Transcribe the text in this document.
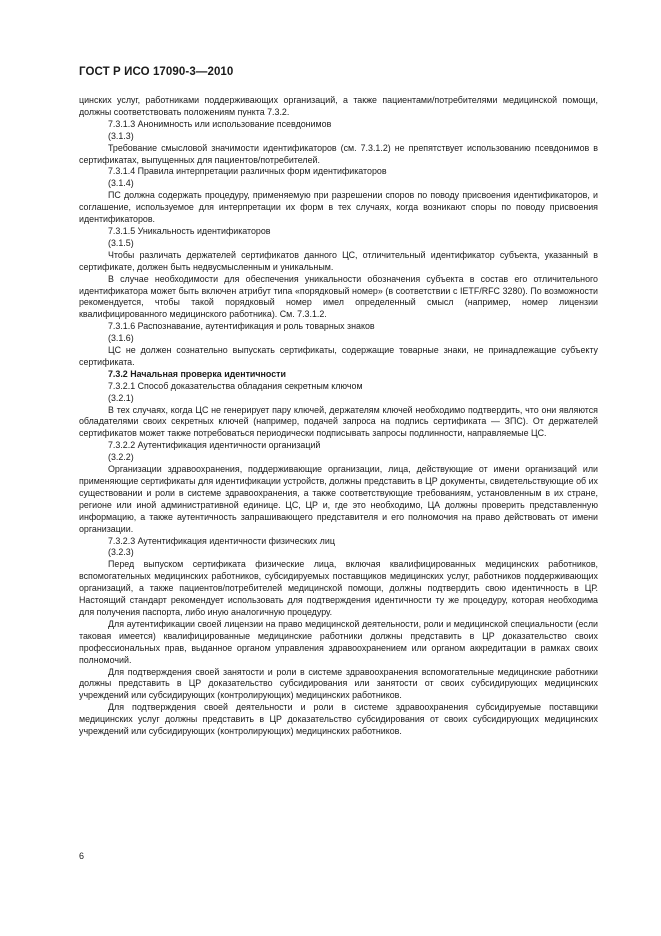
ГОСТ Р ИСО 17090-3—2010

цинских услуг, работниками поддерживающих организаций, а также пациентами/потребителями медицинской помощи, должны соответствовать положениям пункта 7.3.2.

7.3.1.3 Анонимность или использование псевдонимов

(3.1.3)

Требование смысловой значимости идентификаторов (см. 7.3.1.2) не препятствует использованию псевдонимов в сертификатах, выпущенных для пациентов/потребителей.

7.3.1.4 Правила интерпретации различных форм идентификаторов

(3.1.4)

ПС должна содержать процедуру, применяемую при разрешении споров по поводу присвоения идентификаторов, и соглашение, используемое для интерпретации их форм в тех случаях, когда возникают споры по поводу присвоения идентификаторов.

7.3.1.5 Уникальность идентификаторов

(3.1.5)

Чтобы различать держателей сертификатов данного ЦС, отличительный идентификатор субъекта, указанный в сертификате, должен быть недвусмысленным и уникальным.

В случае необходимости для обеспечения уникальности обозначения субъекта в состав его отличительного идентификатора может быть включен атрибут типа «порядковый номер» (в соответствии с IETF/RFC 3280). По возможности рекомендуется, чтобы такой порядковый номер имел определенный смысл (например, номер лицензии квалифицированного медицинского работника). См. 7.3.1.2.

7.3.1.6 Распознавание, аутентификация и роль товарных знаков

(3.1.6)

ЦС не должен сознательно выпускать сертификаты, содержащие товарные знаки, не принадлежащие субъекту сертификата.

7.3.2 Начальная проверка идентичности

7.3.2.1 Способ доказательства обладания секретным ключом

(3.2.1)

В тех случаях, когда ЦС не генерирует пару ключей, держателям ключей необходимо подтвердить, что они являются обладателями своих секретных ключей (например, подачей запроса на подпись сертификата — ЗПС). От держателей сертификатов может также потребоваться периодически подписывать запросы подлинности, направляемые ЦС.

7.3.2.2 Аутентификация идентичности организаций

(3.2.2)

Организации здравоохранения, поддерживающие организации, лица, действующие от имени организаций или применяющие сертификаты для идентификации устройств, должны представить в ЦР документы, свидетельствующие об их существовании и роли в системе здравоохранения, а также соответствующие требованиям, установленным в их стране, регионе или иной административной единице. ЦС, ЦР и, где это необходимо, ЦА должны проверить представленную информацию, а также аутентичность запрашивающего представителя и его полномочия на право действовать от имени организации.

7.3.2.3 Аутентификация идентичности физических лиц

(3.2.3)

Перед выпуском сертификата физические лица, включая квалифицированных медицинских работников, вспомогательных медицинских работников, субсидируемых поставщиков медицинских услуг, работников поддерживающих организаций, а также пациентов/потребителей медицинской помощи, должны подтвердить свою идентичность в ЦР. Настоящий стандарт рекомендует использовать для подтверждения идентичности ту же процедуру, которая необходима для получения паспорта, либо иную аналогичную процедуру.

Для аутентификации своей лицензии на право медицинской деятельности, роли и медицинской специальности (если таковая имеется) квалифицированные медицинские работники должны представить в ЦР доказательство своих профессиональных прав, выданное органом управления здравоохранением или органом аккредитации в рамках своих полномочий.

Для подтверждения своей занятости и роли в системе здравоохранения вспомогательные медицинские работники должны представить в ЦР доказательство субсидирования или занятости от своих субсидирующих медицинских учреждений или субсидирующих (контролирующих) медицинских работников.

Для подтверждения своей деятельности и роли в системе здравоохранения субсидируемые поставщики медицинских услуг должны представить в ЦР доказательство субсидирования от своих субсидирующих медицинских учреждений или субсидирующих (контролирующих) медицинских работников.

6
